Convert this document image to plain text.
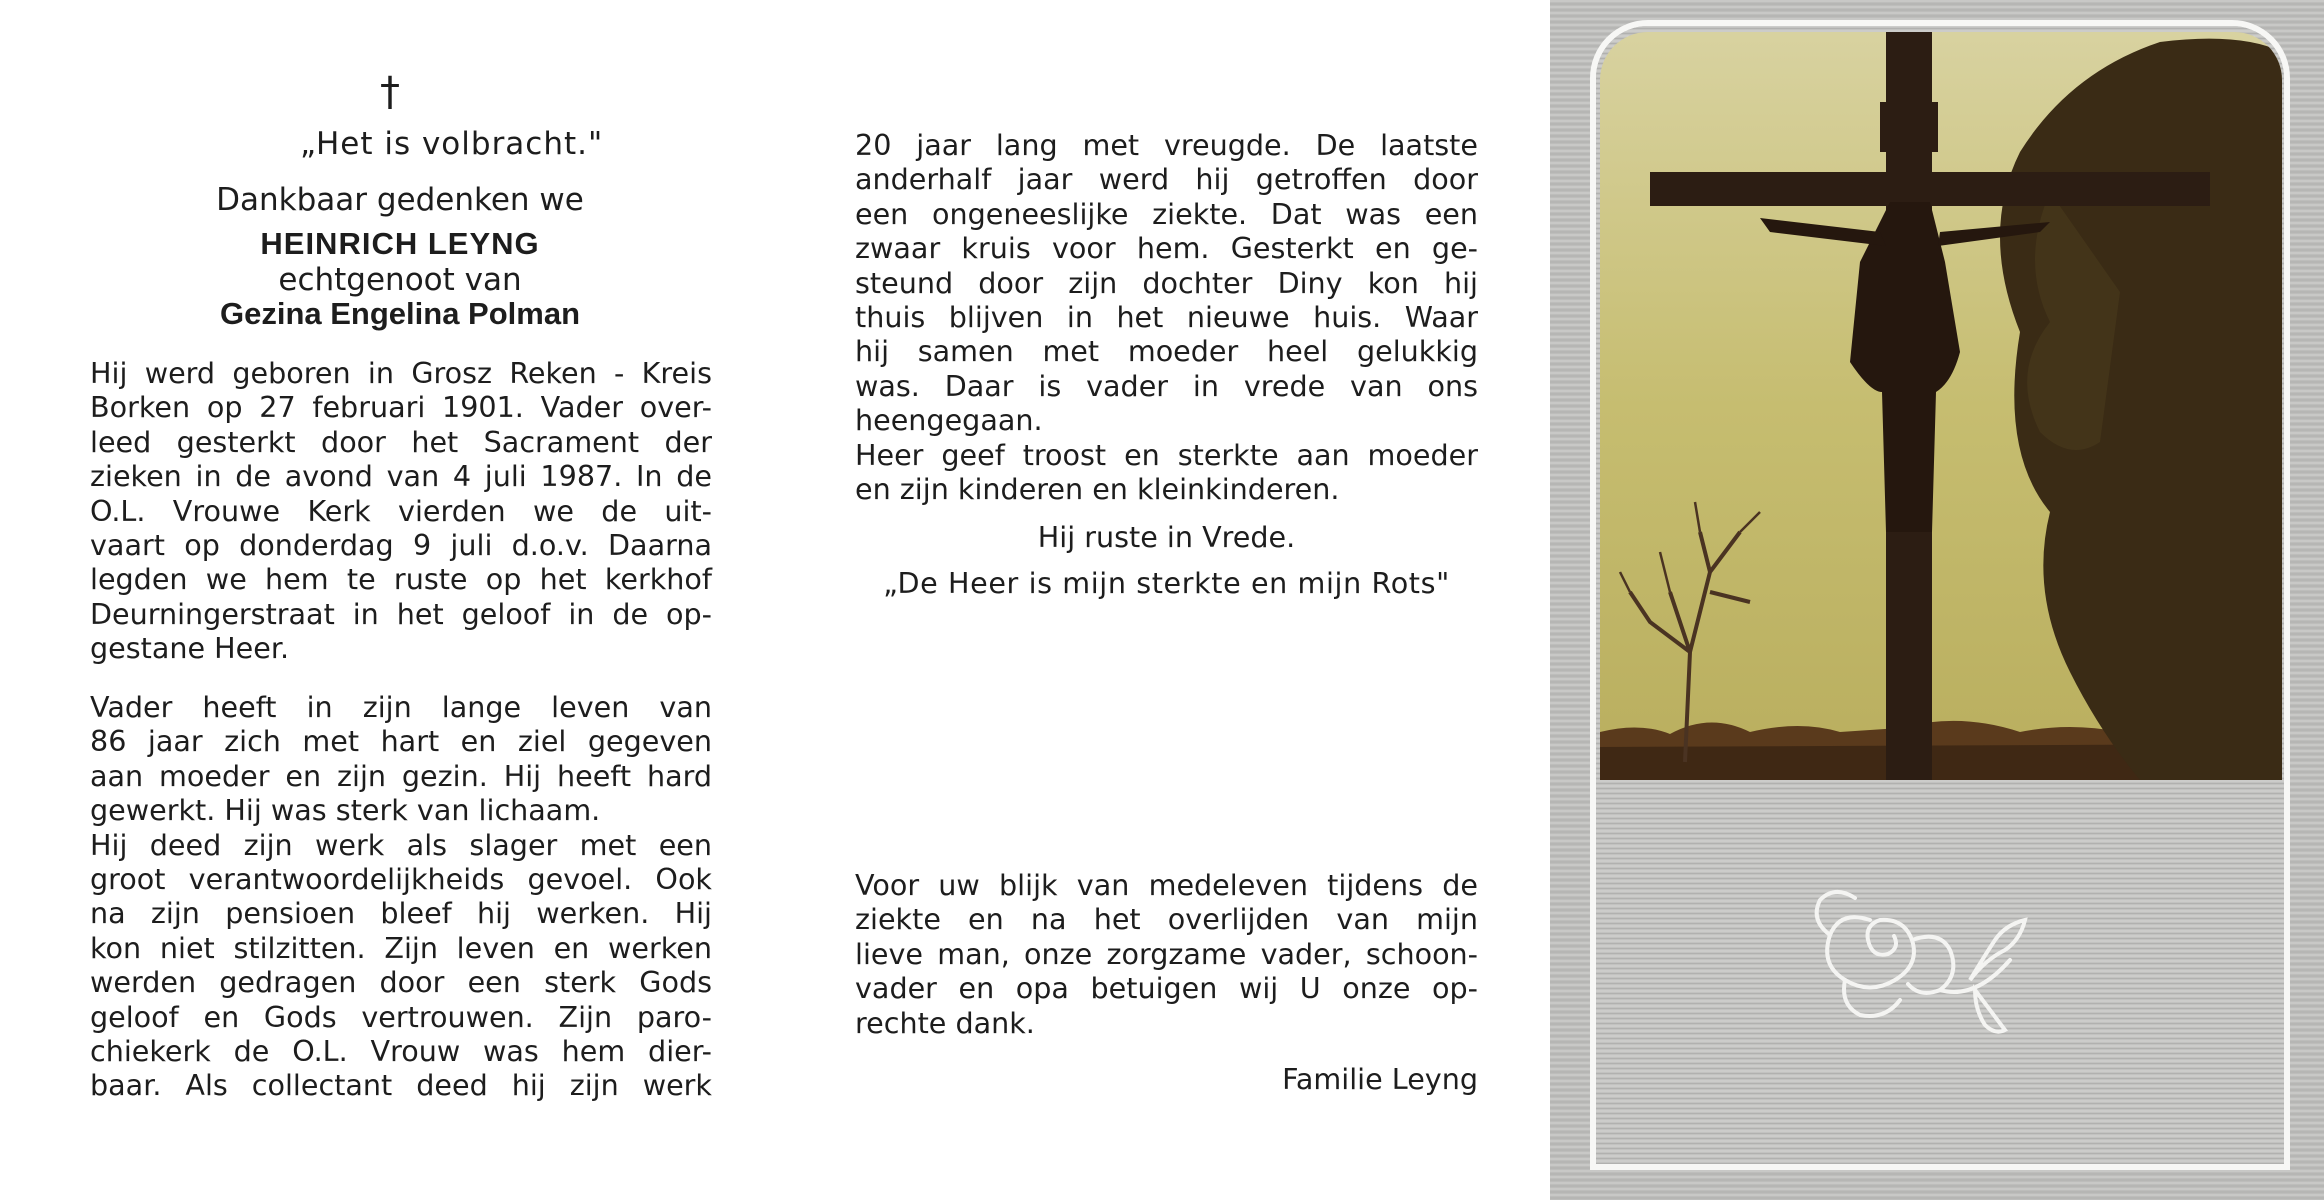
†
„Het is volbracht."
Dankbaar gedenken we
HEINRICH LEYNG
echtgenoot van
Gezina Engelina Polman
Hij werd geboren in Grosz Reken - Kreis
Borken op 27 februari 1901. Vader over-
leed gesterkt door het Sacrament der
zieken in de avond van 4 juli 1987. In de
O.L. Vrouwe Kerk vierden we de uit-
vaart op donderdag 9 juli d.o.v. Daarna
legden we hem te ruste op het kerkhof
Deurningerstraat in het geloof in de op-
gestane Heer.
Vader heeft in zijn lange leven van
86 jaar zich met hart en ziel gegeven
aan moeder en zijn gezin. Hij heeft hard
gewerkt. Hij was sterk van lichaam.
Hij deed zijn werk als slager met een
groot verantwoordelijkheids gevoel. Ook
na zijn pensioen bleef hij werken. Hij
kon niet stilzitten. Zijn leven en werken
werden gedragen door een sterk Gods
geloof en Gods vertrouwen. Zijn paro-
chiekerk de O.L. Vrouw was hem dier-
baar. Als collectant deed hij zijn werk
20 jaar lang met vreugde. De laatste
anderhalf jaar werd hij getroffen door
een ongeneeslijke ziekte. Dat was een
zwaar kruis voor hem. Gesterkt en ge-
steund door zijn dochter Diny kon hij
thuis blijven in het nieuwe huis. Waar
hij samen met moeder heel gelukkig
was. Daar is vader in vrede van ons
heengegaan.
Heer geef troost en sterkte aan moeder
en zijn kinderen en kleinkinderen.
Hij ruste in Vrede.
„De Heer is mijn sterkte en mijn Rots"
Voor uw blijk van medeleven tijdens de
ziekte en na het overlijden van mijn
lieve man, onze zorgzame vader, schoon-
vader en opa betuigen wij U onze op-
rechte dank.
Familie Leyng
